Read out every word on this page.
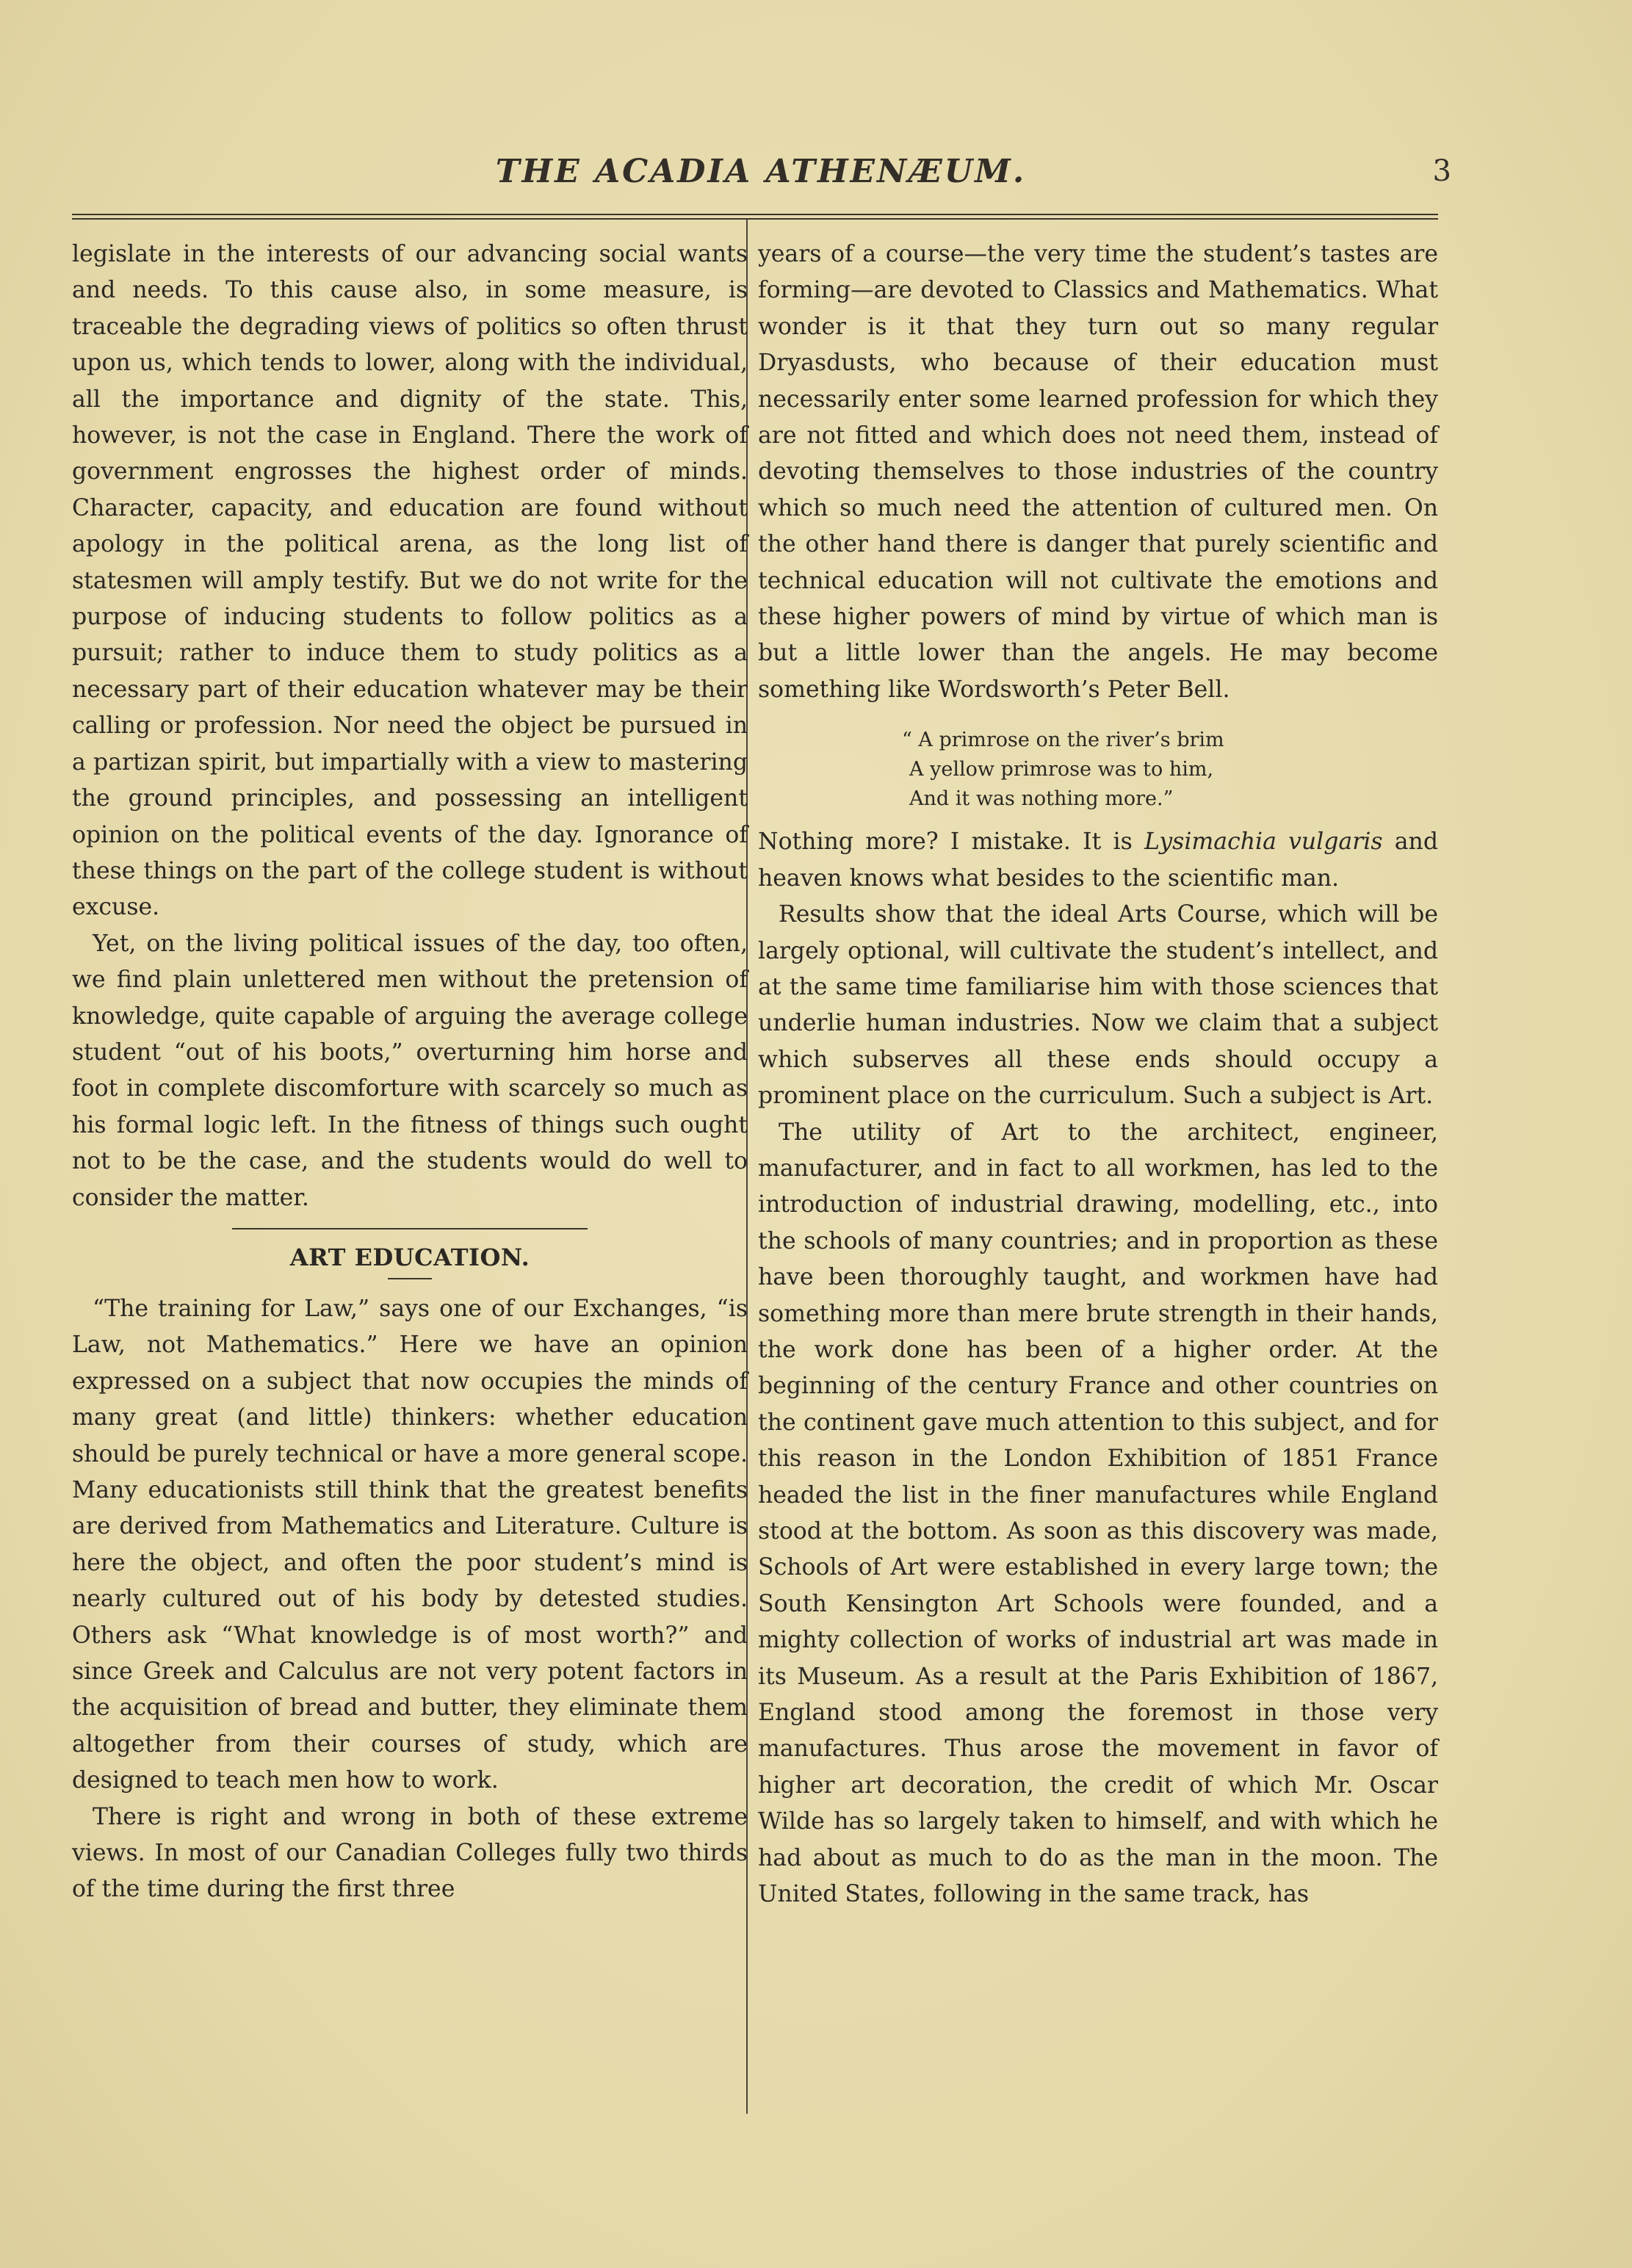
THE ACADIA ATHENÆUM.	3

legislate in the interests of our advancing social wants and needs. To this cause also, in some measure, is traceable the degrading views of politics so often thrust upon us, which tends to lower, along with the individual, all the importance and dignity of the state. This, however, is not the case in England. There the work of government engrosses the highest order of minds. Character, capacity, and education are found without apology in the political arena, as the long list of statesmen will amply testify. But we do not write for the purpose of inducing students to follow politics as a pursuit; rather to induce them to study politics as a necessary part of their education whatever may be their calling or profession. Nor need the object be pursued in a partizan spirit, but impartially with a view to mastering the ground principles, and possessing an intelligent opinion on the political events of the day. Ignorance of these things on the part of the college student is without excuse.

Yet, on the living political issues of the day, too often, we find plain unlettered men without the pretension of knowledge, quite capable of arguing the average college student “out of his boots,” overturning him horse and foot in complete discomforture with scarcely so much as his formal logic left. In the fitness of things such ought not to be the case, and the students would do well to consider the matter.

ART EDUCATION.

“The training for Law,” says one of our Exchanges, “is Law, not Mathematics.” Here we have an opinion expressed on a subject that now occupies the minds of many great (and little) thinkers: whether education should be purely technical or have a more general scope. Many educationists still think that the greatest benefits are derived from Mathematics and Literature. Culture is here the object, and often the poor student’s mind is nearly cultured out of his body by detested studies. Others ask “What knowledge is of most worth?” and since Greek and Calculus are not very potent factors in the acquisition of bread and butter, they eliminate them altogether from their courses of study, which are designed to teach men how to work.

There is right and wrong in both of these extreme views. In most of our Canadian Colleges fully two thirds of the time during the first three

years of a course—the very time the student’s tastes are forming—are devoted to Classics and Mathematics. What wonder is it that they turn out so many regular Dryasdusts, who because of their education must necessarily enter some learned profession for which they are not fitted and which does not need them, instead of devoting themselves to those industries of the country which so much need the attention of cultured men. On the other hand there is danger that purely scientific and technical education will not cultivate the emotions and these higher powers of mind by virtue of which man is but a little lower than the angels. He may become something like Wordsworth’s Peter Bell.

“ A primrose on the river’s brim
A yellow primrose was to him,
And it was nothing more.”

Nothing more? I mistake. It is Lysimachia vulgaris and heaven knows what besides to the scientific man.

Results show that the ideal Arts Course, which will be largely optional, will cultivate the student’s intellect, and at the same time familiarise him with those sciences that underlie human industries. Now we claim that a subject which subserves all these ends should occupy a prominent place on the curriculum. Such a subject is Art.

The utility of Art to the architect, engineer, manufacturer, and in fact to all workmen, has led to the introduction of industrial drawing, modelling, etc., into the schools of many countries; and in proportion as these have been thoroughly taught, and workmen have had something more than mere brute strength in their hands, the work done has been of a higher order. At the beginning of the century France and other countries on the continent gave much attention to this subject, and for this reason in the London Exhibition of 1851 France headed the list in the finer manufactures while England stood at the bottom. As soon as this discovery was made, Schools of Art were established in every large town; the South Kensington Art Schools were founded, and a mighty collection of works of industrial art was made in its Museum. As a result at the Paris Exhibition of 1867, England stood among the foremost in those very manufactures. Thus arose the movement in favor of higher art decoration, the credit of which Mr. Oscar Wilde has so largely taken to himself, and with which he had about as much to do as the man in the moon. The United States, following in the same track, has
